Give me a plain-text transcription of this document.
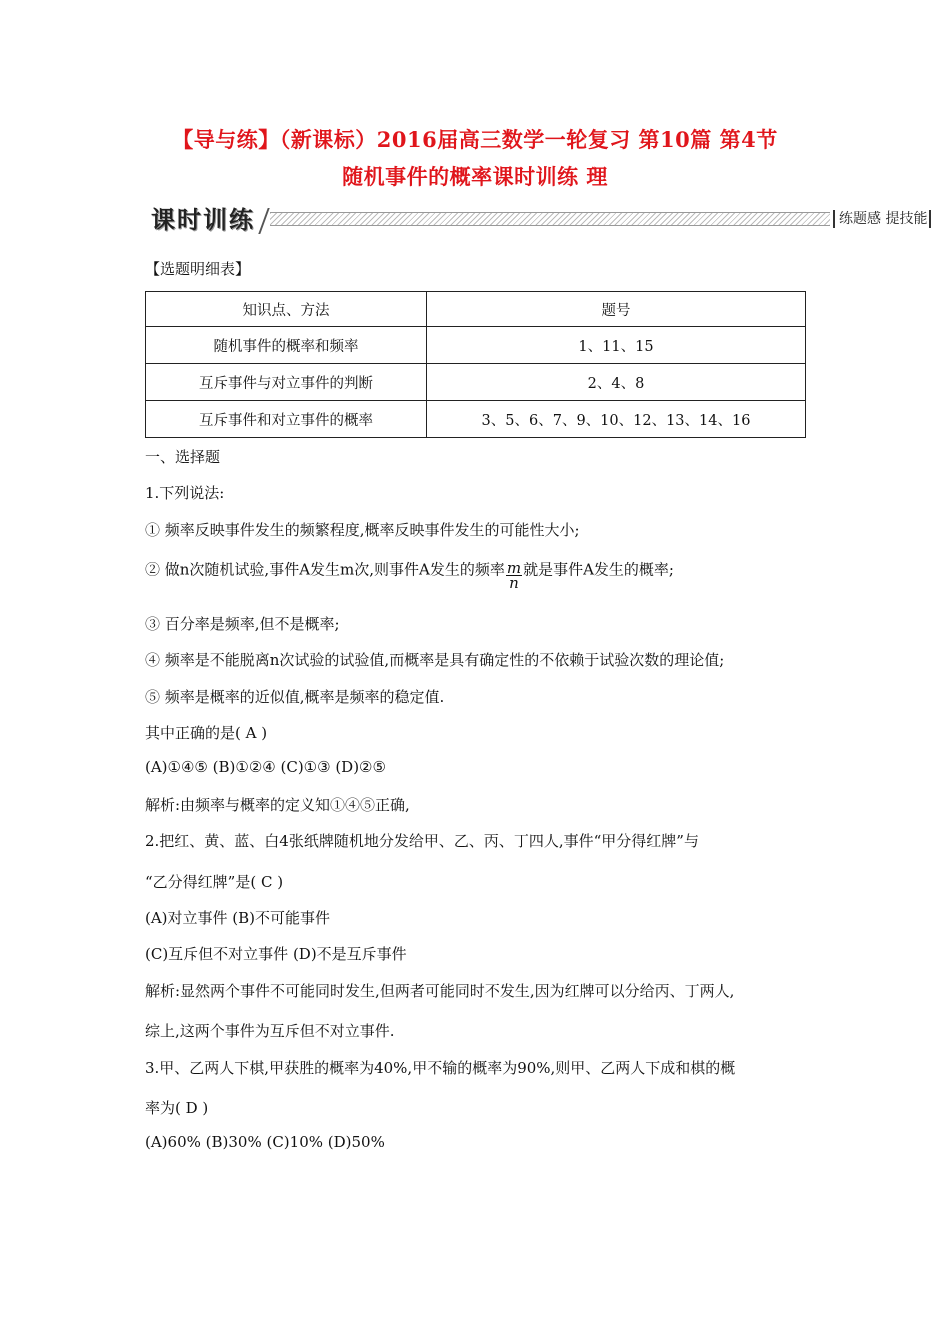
【导与练】（新课标）2016届高三数学一轮复习 第10篇 第4节
随机事件的概率课时训练 理
课时训练	练题感 提技能
【选题明细表】
知识点、方法	题号
随机事件的概率和频率	1、11、15
互斥事件与对立事件的判断	2、4、8
互斥事件和对立事件的概率	3、5、6、7、9、10、12、13、14、16
一、选择题
1.下列说法:
① 频率反映事件发生的频繁程度,概率反映事件发生的可能性大小;
② 做n次随机试验,事件A发生m次,则事件A发生的频率 $\frac{m}{n}$ 就是事件A发生的概率;
③ 百分率是频率,但不是概率;
④ 频率是不能脱离n次试验的试验值,而概率是具有确定性的不依赖于试验次数的理论值;
⑤ 频率是概率的近似值,概率是频率的稳定值.
其中正确的是( A )
(A)①④⑤ (B)①②④ (C)①③ (D)②⑤
解析:由频率与概率的定义知①④⑤正确,
2.把红、黄、蓝、白4张纸牌随机地分发给甲、乙、丙、丁四人,事件“甲分得红牌”与
“乙分得红牌”是( C )
(A)对立事件 (B)不可能事件
(C)互斥但不对立事件 (D)不是互斥事件
解析:显然两个事件不可能同时发生,但两者可能同时不发生,因为红牌可以分给丙、丁两人,
综上,这两个事件为互斥但不对立事件.
3.甲、乙两人下棋,甲获胜的概率为40%,甲不输的概率为90%,则甲、乙两人下成和棋的概
率为( D )
(A)60% (B)30% (C)10% (D)50%
